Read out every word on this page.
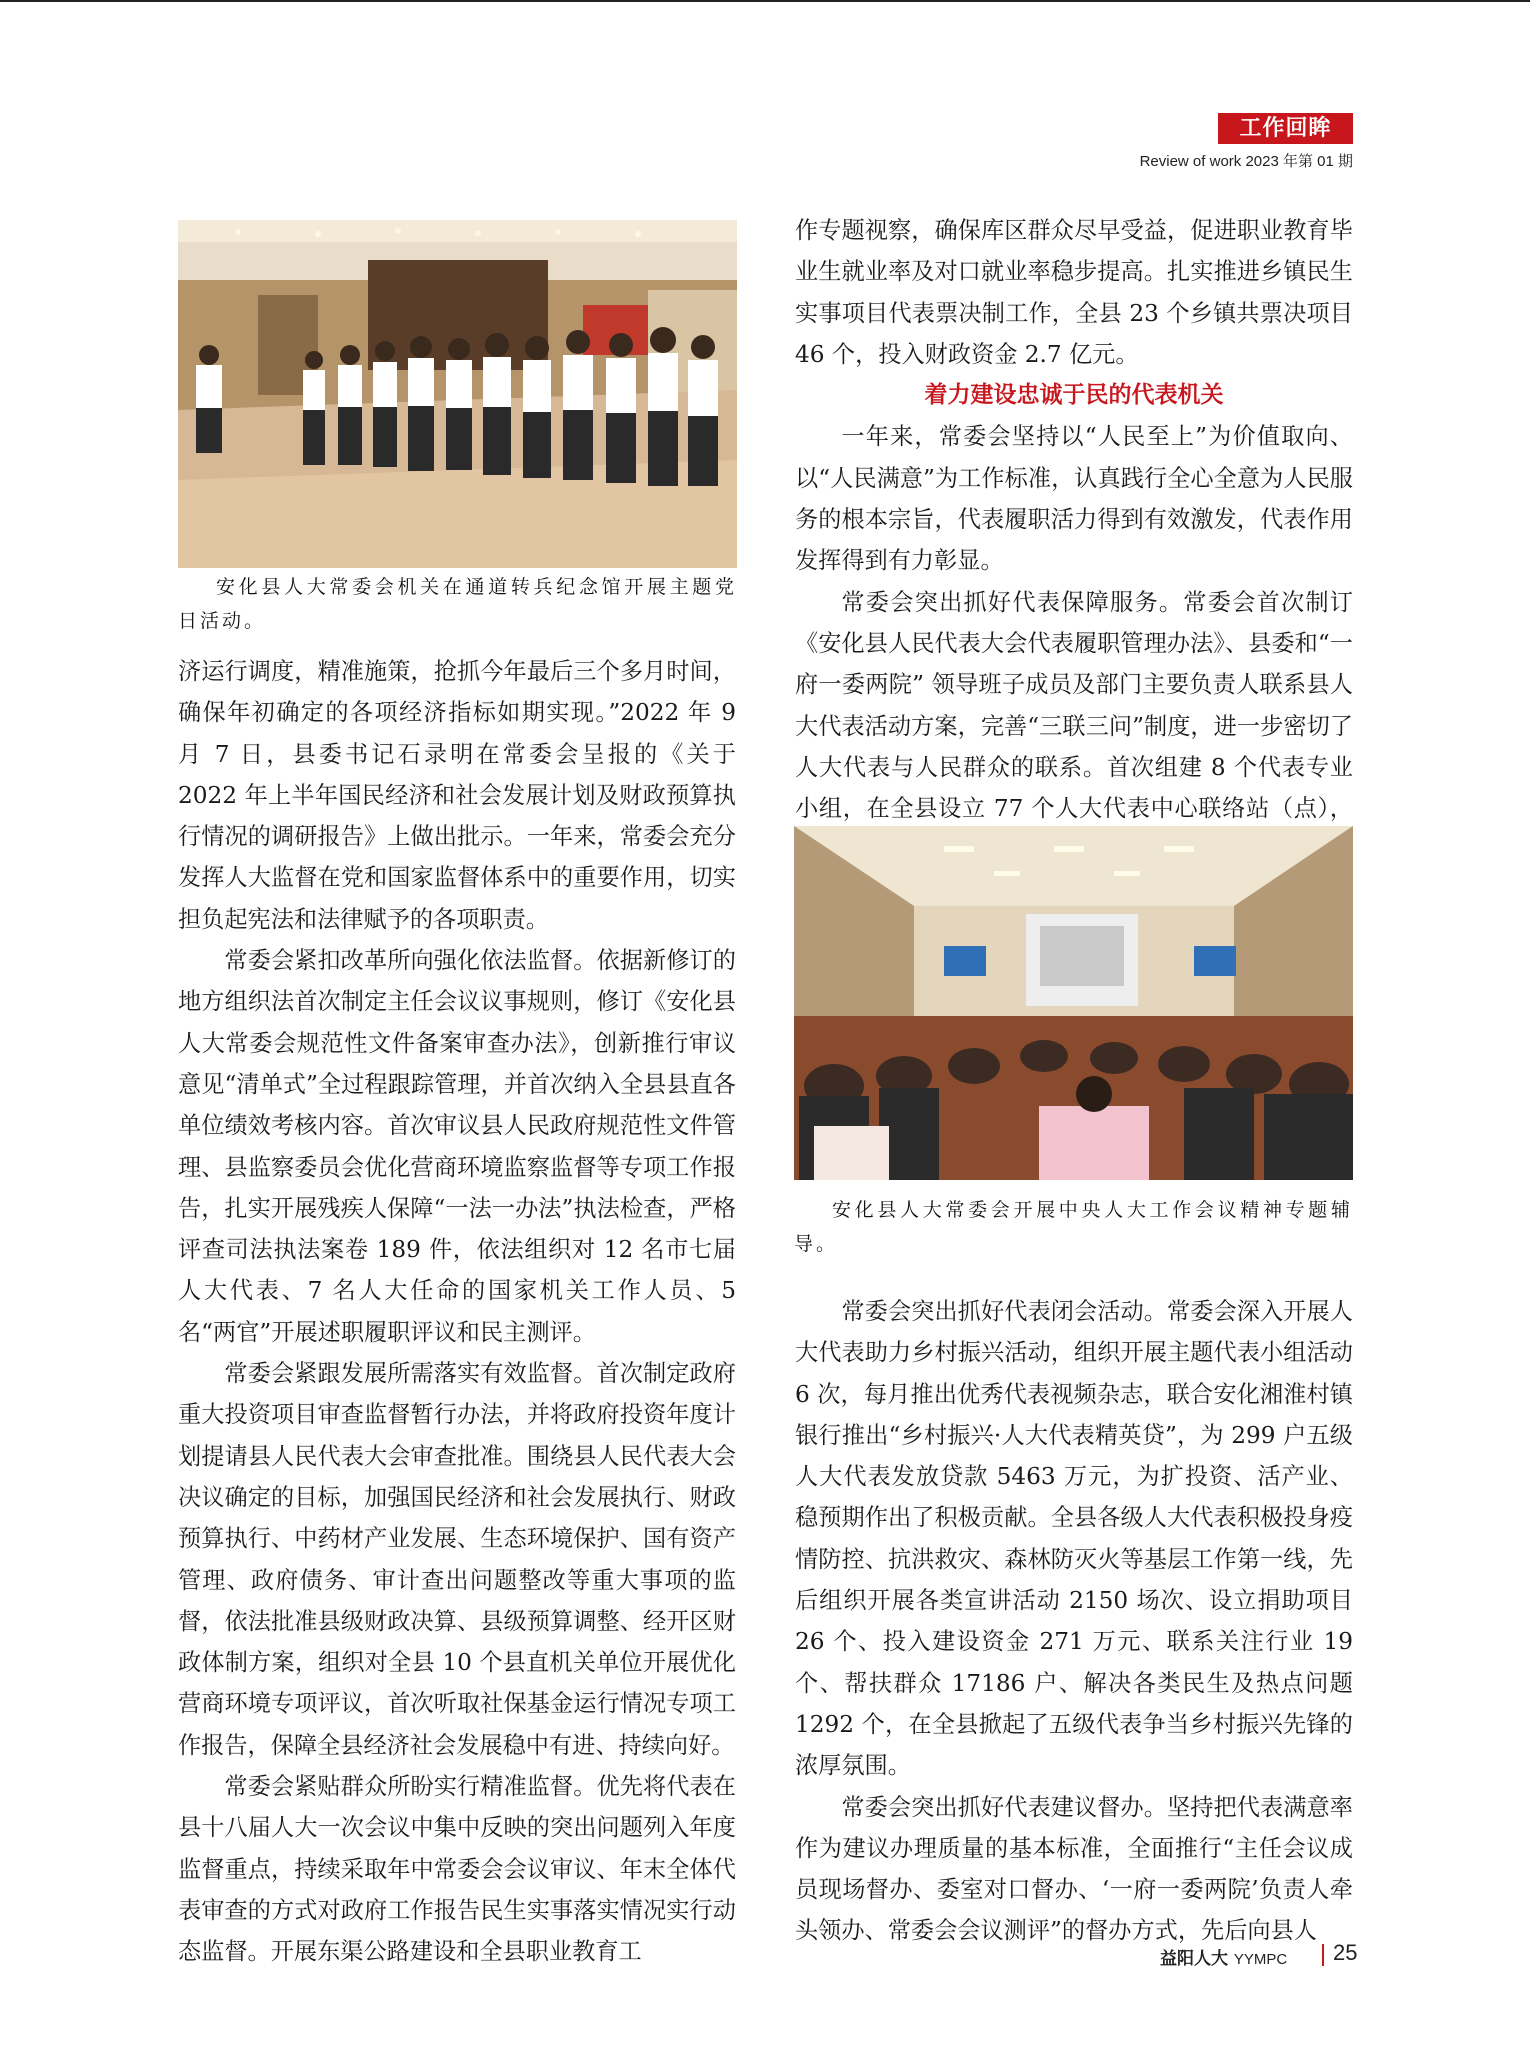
工作回眸
Review of work 2023 年第 01 期
安化县人大常委会机关在通道转兵纪念馆开展主题党日活动。

济运行调度，精准施策，抢抓今年最后三个多月时间，确保年初确定的各项经济指标如期实现。”2022 年 9 月 7 日，县委书记石录明在常委会呈报的《关于 2022 年上半年国民经济和社会发展计划及财政预算执行情况的调研报告》上做出批示。一年来，常委会充分发挥人大监督在党和国家监督体系中的重要作用，切实担负起宪法和法律赋予的各项职责。

常委会紧扣改革所向强化依法监督。依据新修订的地方组织法首次制定主任会议议事规则，修订《安化县人大常委会规范性文件备案审查办法》，创新推行审议意见“清单式”全过程跟踪管理，并首次纳入全县县直各单位绩效考核内容。首次审议县人民政府规范性文件管理、县监察委员会优化营商环境监察监督等专项工作报告，扎实开展残疾人保障“一法一办法”执法检查，严格评查司法执法案卷 189 件，依法组织对 12 名市七届人大代表、7 名人大任命的国家机关工作人员、5 名“两官”开展述职履职评议和民主测评。

常委会紧跟发展所需落实有效监督。首次制定政府重大投资项目审查监督暂行办法，并将政府投资年度计划提请县人民代表大会审查批准。围绕县人民代表大会决议确定的目标，加强国民经济和社会发展执行、财政预算执行、中药材产业发展、生态环境保护、国有资产管理、政府债务、审计查出问题整改等重大事项的监督，依法批准县级财政决算、县级预算调整、经开区财政体制方案，组织对全县 10 个县直机关单位开展优化营商环境专项评议，首次听取社保基金运行情况专项工作报告，保障全县经济社会发展稳中有进、持续向好。

常委会紧贴群众所盼实行精准监督。优先将代表在县十八届人大一次会议中集中反映的突出问题列入年度监督重点，持续采取年中常委会会议审议、年末全体代表审查的方式对政府工作报告民生实事落实情况实行动态监督。开展东渠公路建设和全县职业教育工

作专题视察，确保库区群众尽早受益，促进职业教育毕业生就业率及对口就业率稳步提高。扎实推进乡镇民生实事项目代表票决制工作，全县 23 个乡镇共票决项目 46 个，投入财政资金 2.7 亿元。

着力建设忠诚于民的代表机关

一年来，常委会坚持以“人民至上”为价值取向、以“人民满意”为工作标准，认真践行全心全意为人民服务的根本宗旨，代表履职活力得到有效激发，代表作用发挥得到有力彰显。

常委会突出抓好代表保障服务。常委会首次制订《安化县人民代表大会代表履职管理办法》、县委和“一府一委两院” 领导班子成员及部门主要负责人联系县人大代表活动方案，完善“三联三问”制度，进一步密切了人大代表与人民群众的联系。首次组建 8 个代表专业小组，在全县设立 77 个人大代表中心联络站（点），

安化县人大常委会开展中央人大工作会议精神专题辅导。

常委会突出抓好代表闭会活动。常委会深入开展人大代表助力乡村振兴活动，组织开展主题代表小组活动 6 次，每月推出优秀代表视频杂志，联合安化湘淮村镇银行推出“乡村振兴·人大代表精英贷”，为 299 户五级人大代表发放贷款 5463 万元，为扩投资、活产业、稳预期作出了积极贡献。全县各级人大代表积极投身疫情防控、抗洪救灾、森林防灭火等基层工作第一线，先后组织开展各类宣讲活动 2150 场次、设立捐助项目 26 个、投入建设资金 271 万元、联系关注行业 19 个、帮扶群众 17186 户、解决各类民生及热点问题 1292 个，在全县掀起了五级代表争当乡村振兴先锋的浓厚氛围。

常委会突出抓好代表建议督办。坚持把代表满意率作为建议办理质量的基本标准，全面推行“主任会议成员现场督办、委室对口督办、‘一府一委两院’负责人牵头领办、常委会会议测评”的督办方式，先后向县人

益阳人大 YYMPC 25
